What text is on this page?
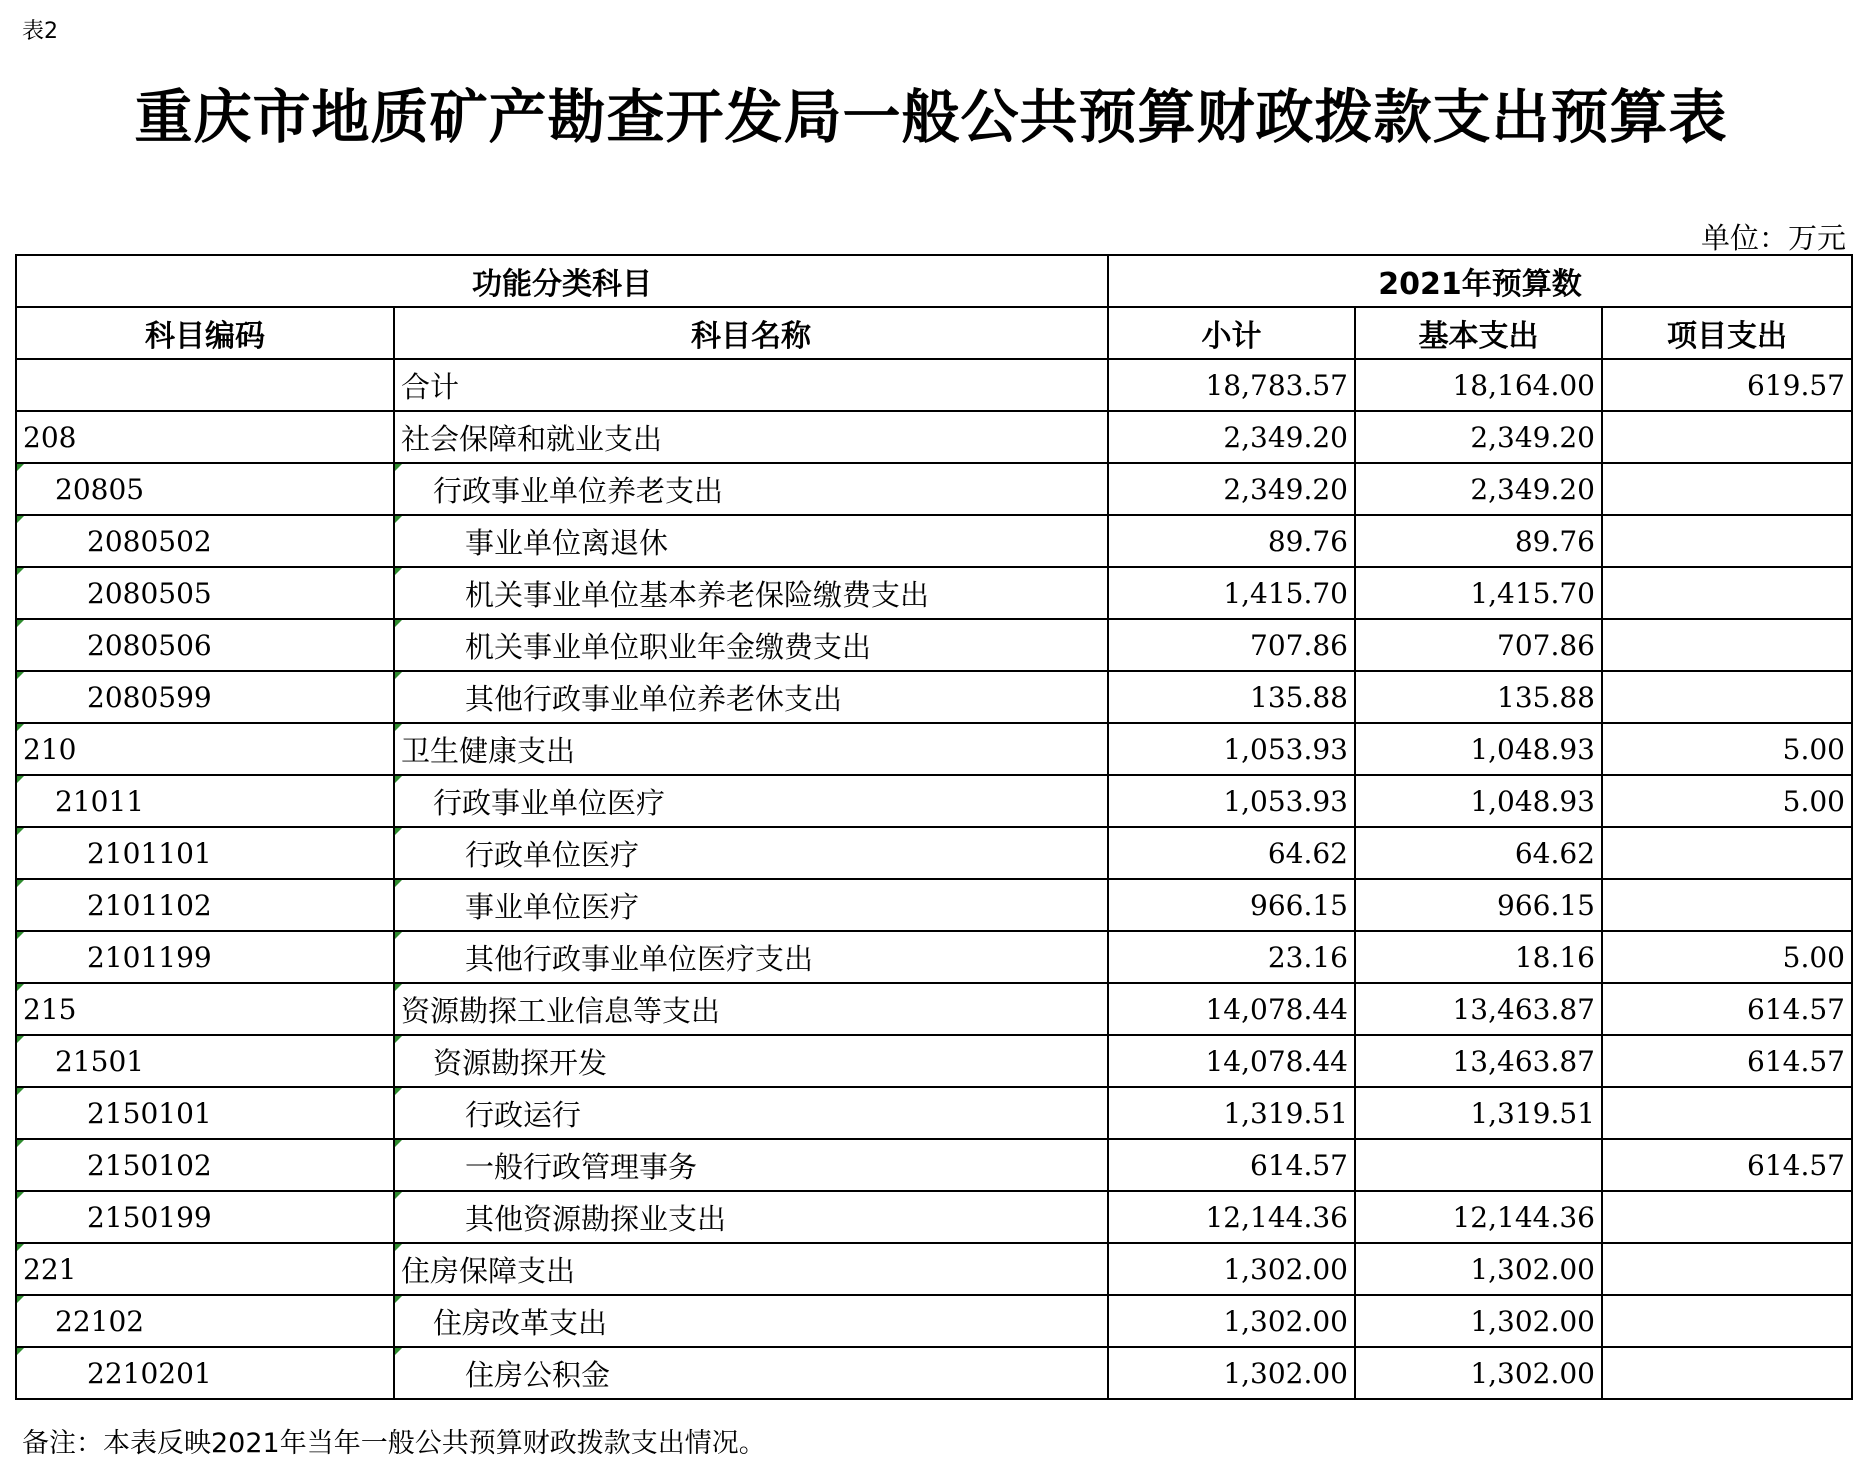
表2
重庆市地质矿产勘查开发局一般公共预算财政拨款支出预算表
单位：万元
功能分类科目		2021年预算数		
科目编码	科目名称	小计	基本支出	项目支出
	合计	18,783.57	18,164.00	619.57
208	社会保障和就业支出	2,349.20	2,349.20	

20805	行政事业单位养老支出	2,349.20	2,349.20	

2080502	事业单位离退休	89.76	89.76	

2080505	机关事业单位基本养老保险缴费支出	1,415.70	1,415.70	

2080506	机关事业单位职业年金缴费支出	707.86	707.86	

2080599	其他行政事业单位养老休支出	135.88	135.88	

210	卫生健康支出	1,053.93	1,048.93	5.00

21011	行政事业单位医疗	1,053.93	1,048.93	5.00

2101101	行政单位医疗	64.62	64.62	

2101102	事业单位医疗	966.15	966.15	

2101199	其他行政事业单位医疗支出	23.16	18.16	5.00

215	资源勘探工业信息等支出	14,078.44	13,463.87	614.57

21501	资源勘探开发	14,078.44	13,463.87	614.57

2150101	行政运行	1,319.51	1,319.51	

2150102	一般行政管理事务	614.57		614.57

2150199	其他资源勘探业支出	12,144.36	12,144.36	

221	住房保障支出	1,302.00	1,302.00	

22102	住房改革支出	1,302.00	1,302.00	

2210201	住房公积金	1,302.00	1,302.00	
备注：本表反映2021年当年一般公共预算财政拨款支出情况。
